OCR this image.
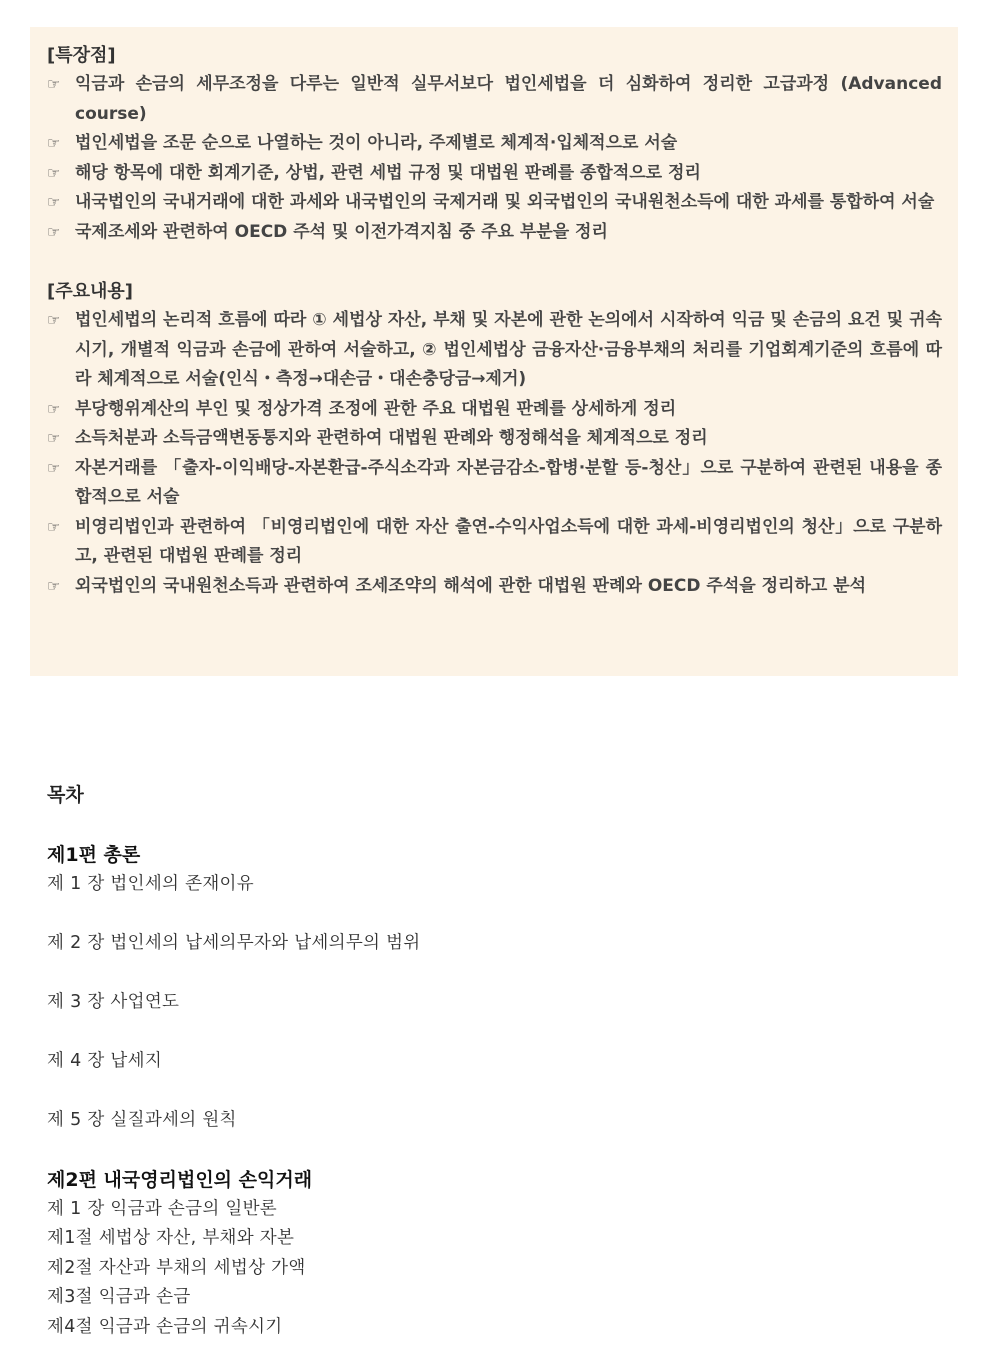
[특장점]
☞ 익금과 손금의 세무조정을 다루는 일반적 실무서보다 법인세법을 더 심화하여 정리한 고급과정 (Advanced course)
☞ 법인세법을 조문 순으로 나열하는 것이 아니라, 주제별로 체계적·입체적으로 서술
☞ 해당 항목에 대한 회계기준, 상법, 관련 세법 규정 및 대법원 판례를 종합적으로 정리
☞ 내국법인의 국내거래에 대한 과세와 내국법인의 국제거래 및 외국법인의 국내원천소득에 대한 과세를 통합하여 서술
☞ 국제조세와 관련하여 OECD 주석 및 이전가격지침 중 주요 부분을 정리
[주요내용]
☞ 법인세법의 논리적 흐름에 따라 ① 세법상 자산, 부채 및 자본에 관한 논의에서 시작하여 익금 및 손금의 요건 및 귀속시기, 개별적 익금과 손금에 관하여 서술하고, ② 법인세법상 금융자산·금융부채의 처리를 기업회계기준의 흐름에 따라 체계적으로 서술(인식・측정→대손금・대손충당금→제거)
☞ 부당행위계산의 부인 및 정상가격 조정에 관한 주요 대법원 판례를 상세하게 정리
☞ 소득처분과 소득금액변동통지와 관련하여 대법원 판례와 행정해석을 체계적으로 정리
☞ 자본거래를 「출자-이익배당-자본환급-주식소각과 자본금감소-합병·분할 등-청산」으로 구분하여 관련된 내용을 종합적으로 서술
☞ 비영리법인과 관련하여 「비영리법인에 대한 자산 출연-수익사업소득에 대한 과세-비영리법인의 청산」으로 구분하고, 관련된 대법원 판례를 정리
☞ 외국법인의 국내원천소득과 관련하여 조세조약의 해석에 관한 대법원 판례와 OECD 주석을 정리하고 분석
목차
제1편 총론
제 1 장 법인세의 존재이유
제 2 장 법인세의 납세의무자와 납세의무의 범위
제 3 장 사업연도
제 4 장 납세지
제 5 장 실질과세의 원칙
제2편 내국영리법인의 손익거래
제 1 장 익금과 손금의 일반론
제1절 세법상 자산, 부채와 자본
제2절 자산과 부채의 세법상 가액
제3절 익금과 손금
제4절 익금과 손금의 귀속시기
